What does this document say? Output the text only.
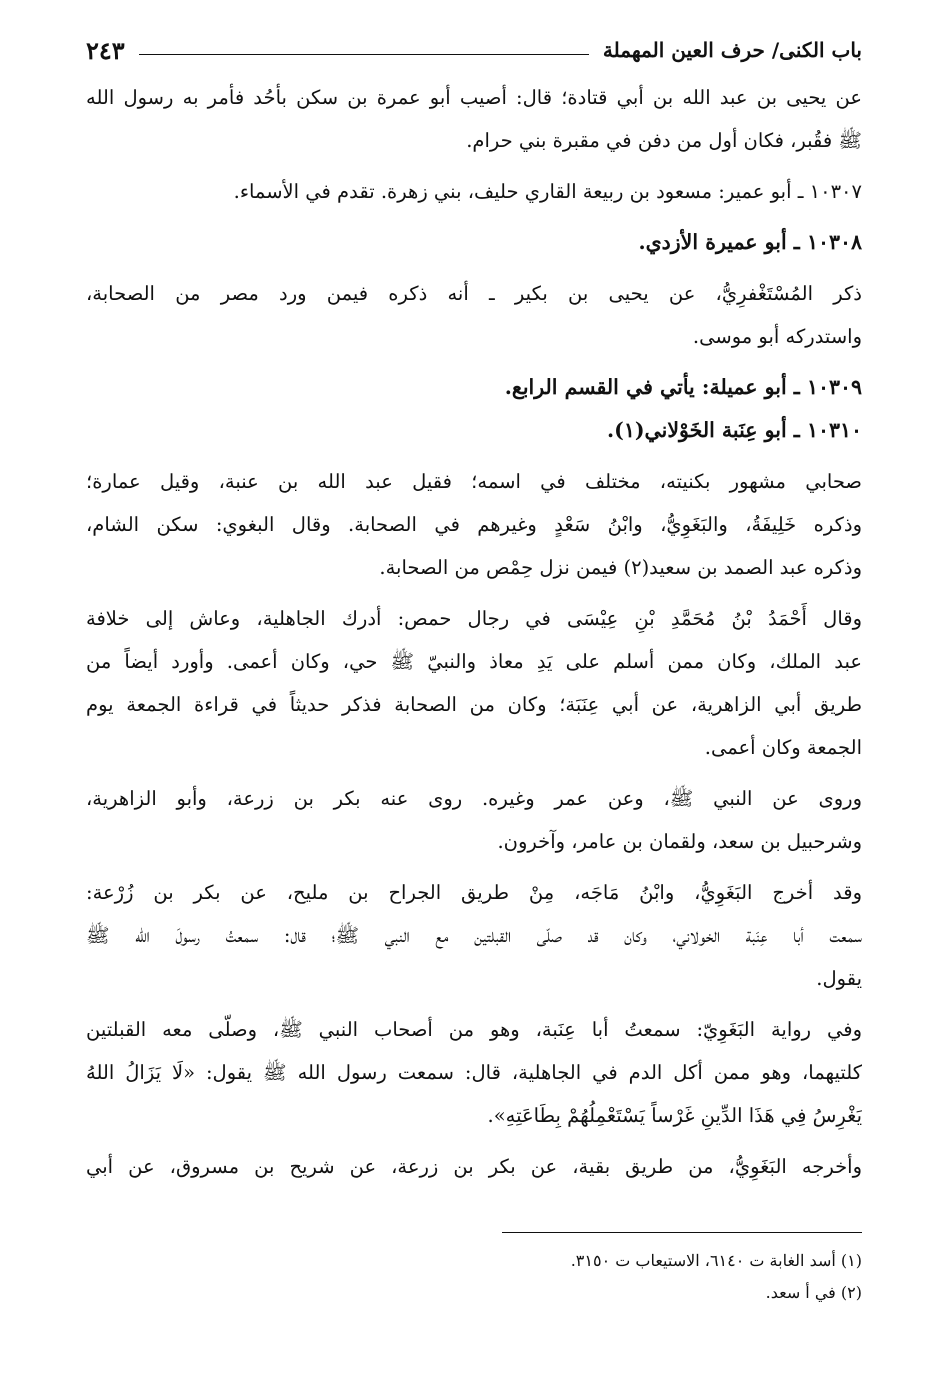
باب الكنى/ حرف العين المهملة
٢٤٣
عن يحيى بن عبد الله بن أبي قتادة؛ قال: أصيب أبو عمرة بن سكن بأحُد فأمر به رسول الله
ﷺ فقُبر، فكان أول من دفن في مقبرة بني حرام.
١٠٣٠٧ ـ أبو عمير: مسعود بن ربيعة القاري حليف، بني زهرة. تقدم في الأسماء.
١٠٣٠٨ ـ أبو عميرة الأزدي.
ذكر المُسْتَغْفرِيُّ، عن يحيى بن بكير ـ أنه ذكره فيمن ورد مصر من الصحابة،
واستدركه أبو موسى.
١٠٣٠٩ ـ أبو عميلة: يأتي في القسم الرابع.
١٠٣١٠ ـ أبو عِنَبة الخَوْلاني(١).
صحابي مشهور بكنيته، مختلف في اسمه؛ فقيل عبد الله بن عنبة، وقيل عمارة؛
وذكره خَلِيفَةُ، والبَغَوِيُّ، وابْنُ سَعْدٍ وغيرهم في الصحابة. وقال البغوي: سكن الشام،
وذكره عبد الصمد بن سعيد(٢) فيمن نزل حِمْص من الصحابة.
وقال أَحْمَدُ بْنُ مُحَمَّدِ بْنِ عِيْسَى في رجال حمص: أدرك الجاهلية، وعاش إلى خلافة
عبد الملك، وكان ممن أسلم على يَدِ معاذ والنبيّ ﷺ حي، وكان أعمى. وأورد أيضاً من
طريق أبي الزاهرية، عن أبي عِنَبَة؛ وكان من الصحابة فذكر حديثاً في قراءة الجمعة يوم
الجمعة وكان أعمى.
وروى عن النبي ﷺ، وعن عمر وغيره. روى عنه بكر بن زرعة، وأبو الزاهرية،
وشرحبيل بن سعد، ولقمان بن عامر، وآخرون.
وقد أخرج البَغَوِيُّ، وابْنُ مَاجَه، مِنْ طريق الجراح بن مليح، عن بكر بن زُرْعة:
سمعت أبا عِنَبة الخولاني، وكان قد صلّى القبلتين مع النبي ﷺ؛ قال: سمعتُ رسولَ الله ﷺ
يقول.
وفي رواية البَغَوِيّ: سمعتُ أبا عِنَبة، وهو من أصحاب النبي ﷺ، وصلّى معه القبلتين
كلتيهما، وهو ممن أكل الدم في الجاهلية، قال: سمعت رسول الله ﷺ يقول: «لَا يَزَالُ اللهُ
يَغْرِسُ فِي هَذَا الدِّينِ غَرْساً يَسْتَعْمِلُهُمْ بِطَاعَتِهِ».
وأخرجه البَغَوِيُّ، من طريق بقية، عن بكر بن زرعة، عن شريح بن مسروق، عن أبي
(١) أسد الغابة ت ٦١٤٠، الاستيعاب ت ٣١٥٠.
(٢) في أ سعد.
